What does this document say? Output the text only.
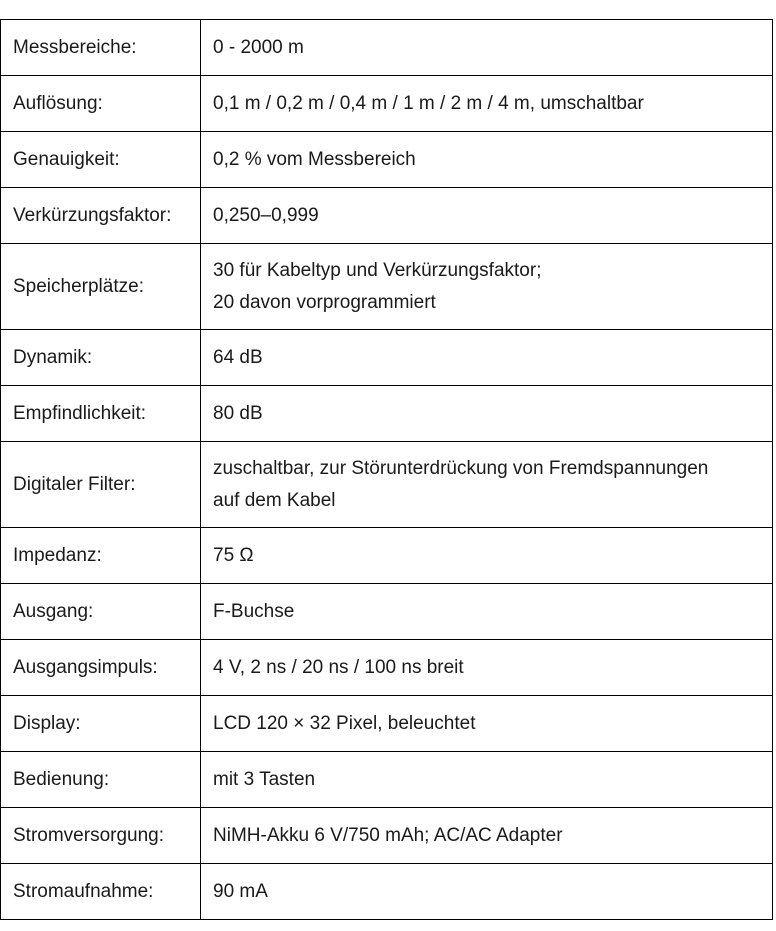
Messbereiche:	0 - 2000 m
Auflösung:	0,1 m / 0,2 m / 0,4 m / 1 m / 2 m / 4 m, umschaltbar
Genauigkeit:	0,2 % vom Messbereich
Verkürzungsfaktor:	0,250–0,999
Speicherplätze:	30 für Kabeltyp und Verkürzungsfaktor;
20 davon vorprogrammiert
Dynamik:	64 dB
Empfindlichkeit:	80 dB
Digitaler Filter:	zuschaltbar, zur Störunterdrückung von Fremdspannungen
auf dem Kabel
Impedanz:	75 Ω
Ausgang:	F-Buchse
Ausgangsimpuls:	4 V, 2 ns / 20 ns / 100 ns breit
Display:	LCD 120 × 32 Pixel, beleuchtet
Bedienung:	mit 3 Tasten
Stromversorgung:	NiMH-Akku 6 V/750 mAh; AC/AC Adapter
Stromaufnahme:	90 mA
